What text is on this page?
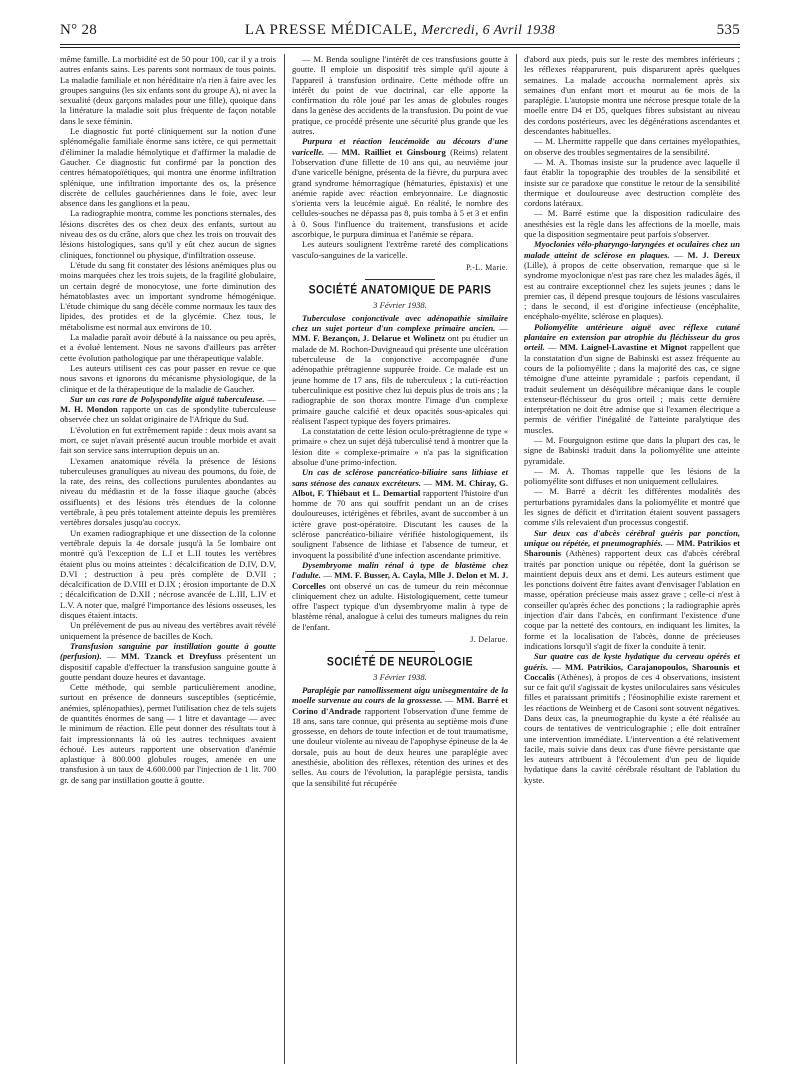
N° 28	LA PRESSE MÉDICALE, Mercredi, 6 Avril 1938	535

même famille. La morbidité est de 50 pour 100, car il y a trois autres enfants sains. Les parents sont normaux de tous points. La maladie familiale et non héréditaire n'a rien à faire avec les groupes sanguins (les six enfants sont du groupe A), ni avec la sexualité (deux garçons malades pour une fille), quoique dans la littérature la maladie soit plus fréquente de façon notable dans le sexe féminin.

Le diagnostic fut porté cliniquement sur la notion d'une splénomégalie familiale énorme sans ictère, ce qui permettait d'éliminer la maladie hémolytique et d'affirmer la maladie de Gaucher. Ce diagnostic fut confirmé par la ponction des centres hématopoïétiques, qui montra une énorme infiltration splénique, une infiltration importante des os, la présence discrète de cellules gauchériennes dans le foie, avec leur absence dans les ganglions et la peau.

La radiographie montra, comme les ponctions sternales, des lésions discrètes des os chez deux des enfants, surtout au niveau des os du crâne, alors que chez les trois on trouvait des lésions histologiques, sans qu'il y eût chez aucun de signes cliniques, fonctionnel ou physique, d'infiltration osseuse.

L'étude du sang fit constater des lésions anémiques plus ou moins marquées chez les trois sujets, de la fragilité globulaire, un certain degré de monocytose, une forte diminution des hématoblastes avec un important syndrome hémogénique. L'étude chimique du sang décèle comme normaux les taux des lipides, des protides et de la glycémie. Chez tous, le métabolisme est normal aux environs de 10.

La maladie paraît avoir débuté à la naissance ou peu après, et a évolué lentement. Nous ne savons d'ailleurs pas arrêter cette évolution pathologique par une thérapeutique valable.

Les auteurs utilisent ces cas pour passer en revue ce que nous savons et ignorons du mécanisme physiologique, de la clinique et de la thérapeutique de la maladie de Gaucher.

Sur un cas rare de Polyspondylite aiguë tuberculeuse. — M. H. Mondon rapporte un cas de spondylite tuberculeuse observée chez un soldat originaire de l'Afrique du Sud.

L'évolution en fut extrêmement rapide : deux mois avant sa mort, ce sujet n'avait présenté aucun trouble morbide et avait fait son service sans interruption depuis un an.

L'examen anatomique révéla la présence de lésions tuberculeuses granuliques au niveau des poumons, du foie, de la rate, des reins, des collections purulentes abondantes au niveau du médiastin et de la fosse iliaque gauche (abcès ossifluents) et des lésions très étendues de la colonne vertébrale, à peu près totalement atteinte depuis les premières vertèbres dorsales jusqu'au coccyx.

Un examen radiographique et une dissection de la colonne vertébrale depuis la 4e dorsale jusqu'à la 5e lombaire ont montré qu'à l'exception de L.I et L.II toutes les vertèbres étaient plus ou moins atteintes : décalcification de D.IV, D.V, D.VI ; destruction à peu près complète de D.VII ; décalcification de D.VIII et D.IX ; érosion importante de D.X ; décalcification de D.XII ; nécrose avancée de L.III, L.IV et L.V. A noter que, malgré l'importance des lésions osseuses, les disques étaient intacts.

Un prélèvement de pus au niveau des vertèbres avait révélé uniquement la présence de bacilles de Koch.

Transfusion sanguine par instillation goutte à goutte (perfusion). — MM. Tzanck et Dreyfuss présentent un dispositif capable d'effectuer la transfusion sanguine goutte à goutte pendant douze heures et davantage.

Cette méthode, qui semble particulièrement anodine, surtout en présence de donneurs susceptibles (septicémie, anémies, splénopathies), permet l'utilisation chez de tels sujets de quantités énormes de sang — 1 litre et davantage — avec le minimum de réaction. Elle peut donner des résultats tout à fait impressionnants là où les autres techniques avaient échoué. Les auteurs rapportent une observation d'anémie aplastique à 800.000 globules rouges, amenée en une transfusion à un taux de 4.600.000 par l'injection de 1 lit. 700 gr. de sang par instillation goutte à goutte.

— M. Benda souligne l'intérêt de ces transfusions goutte à goutte. Il emploie un dispositif très simple qu'il ajoute à l'appareil à transfusion ordinaire. Cette méthode offre un intérêt du point de vue doctrinal, car elle apporte la confirmation du rôle joué par les amas de globules rouges dans la genèse des accidents de la transfusion. Du point de vue pratique, ce procédé présente une sécurité plus grande que les autres.

Purpura et réaction leucémoïde au décours d'une varicelle. — MM. Railliet et Ginsbourg (Reims) relatent l'observation d'une fillette de 10 ans qui, au neuvième jour d'une varicelle bénigne, présenta de la fièvre, du purpura avec grand syndrome hémorragique (hématuries, épistaxis) et une anémie rapide avec réaction embryonnaire. Le diagnostic s'orienta vers la leucémie aiguë. En réalité, le nombre des cellules-souches ne dépassa pas 8, puis tomba à 5 et 3 et enfin à 0. Sous l'influence du traitement, transfusions et acide ascorbique, le purpura diminua et l'anémie se répara.

Les auteurs soulignent l'extrême rareté des complications vasculo-sanguines de la varicelle.

P.-L. Marie.
SOCIÉTÉ ANATOMIQUE DE PARIS
3 Février 1938.

Tuberculose conjonctivale avec adénopathie similaire chez un sujet porteur d'un complexe primaire ancien. — MM. F. Bezançon, J. Delarue et Wolinetz ont pu étudier un malade de M. Rochon-Duvigneaud qui présente une ulcération tuberculeuse de la conjonctive accompagnée d'une adénopathie prétragienne suppurée froide. Ce malade est un jeune homme de 17 ans, fils de tuberculeux ; la cuti-réaction tuberculinique est positive chez lui depuis plus de trois ans ; la radiographie de son thorax montre l'image d'un complexe primaire gauche calcifié et deux opacités sous-apicales qui réalisent l'aspect typique des foyers primaires.

La constatation de cette lésion oculo-prétragienne de type « primaire » chez un sujet déjà tuberculisé tend à montrer que la lésion dite « complexe-primaire » n'a pas la signification absolue d'une primo-infection.

Un cas de sclérose pancréatico-biliaire sans lithiase et sans sténose des canaux excréteurs. — MM. M. Chiray, G. Albot, F. Thiébaut et L. Demartial rapportent l'histoire d'un homme de 70 ans qui souffrit pendant un an de crises douloureuses, ictérigènes et fébriles, avant de succomber à un ictère grave post-opératoire. Discutant les causes de la sclérose pancréatico-biliaire vérifiée histologiquement, ils soulignent l'absence de lithiase et l'absence de tumeur, et invoquent la possibilité d'une infection ascendante primitive.

Dysembryome malin rénal à type de blastème chez l'adulte. — MM. F. Busser, A. Cayla, Mlle J. Delon et M. J. Corcelles ont observé un cas de tumeur du rein méconnue cliniquement chez un adulte. Histologiquement, cette tumeur offre l'aspect typique d'un dysembryome malin à type de blastème rénal, analogue à celui des tumeurs malignes du rein de l'enfant.

J. Delarue.
SOCIÉTÉ DE NEUROLOGIE
3 Février 1938.

Paraplégie par ramollissement aigu unisegmentaire de la moelle survenue au cours de la grossesse. — MM. Barré et Corino d'Andrade rapportent l'observation d'une femme de 18 ans, sans tare connue, qui présenta au septième mois d'une grossesse, en dehors de toute infection et de tout traumatisme, une douleur violente au niveau de l'apophyse épineuse de la 4e dorsale, puis au bout de deux heures une paraplégie avec anesthésie, abolition des réflexes, rétention des urines et des selles. Au cours de l'évolution, la paraplégie persista, tandis que la sensibilité fut récupérée

d'abord aux pieds, puis sur le reste des membres inférieurs ; les réflexes réapparurent, puis disparurent après quelques semaines. La malade accoucha normalement après six semaines d'un enfant mort et mourut au 6e mois de la paraplégie. L'autopsie montra une nécrose presque totale de la moelle entre D4 et D5, quelques fibres subsistant au niveau des cordons postérieurs, avec les dégénérations ascendantes et descendantes habituelles.

— M. Lhermitte rappelle que dans certaines myélopathies, on observe des troubles segmentaires de la sensibilité.

— M. A. Thomas insiste sur la prudence avec laquelle il faut établir la topographie des troubles de la sensibilité et insiste sur ce paradoxe que constitue le retour de la sensibilité thermique et douloureuse avec destruction complète des cordons latéraux.

— M. Barré estime que la disposition radiculaire des anesthésies est la règle dans les affections de la moelle, mais que la disposition segmentaire peut parfois s'observer.

Myoclonies vélo-pharyngo-laryngées et oculaires chez un malade atteint de sclérose en plaques. — M. J. Dereux (Lille), à propos de cette observation, remarque que si le syndrome myoclonique n'est pas rare chez les malades âgés, il est au contraire exceptionnel chez les sujets jeunes ; dans le premier cas, il dépend presque toujours de lésions vasculaires ; dans le second, il est d'origine infectieuse (encéphalite, encéphalo-myélite, sclérose en plaques).

Poliomyélite antérieure aiguë avec réflexe cutané plantaire en extension par atrophie du fléchisseur du gros orteil. — MM. Laignel-Lavastine et Mignot rappellent que la constatation d'un signe de Babinski est assez fréquente au cours de la poliomyélite ; dans la majorité des cas, ce signe témoigne d'une atteinte pyramidale ; parfois cependant, il traduit seulement un déséquilibre mécanique dans le couple extenseur-fléchisseur du gros orteil ; mais cette dernière interprétation ne doit être admise que si l'examen électrique a permis de vérifier l'inégalité de l'atteinte paralytique des muscles.

— M. Fourguignon estime que dans la plupart des cas, le signe de Babinski traduit dans la poliomyélite une atteinte pyramidale.

— M. A. Thomas rappelle que les lésions de la poliomyélite sont diffuses et non uniquement cellulaires.

— M. Barré a décrit les différentes modalités des perturbations pyramidales dans la poliomyélite et montré que les signes de déficit et d'irritation étaient souvent passagers comme s'ils relevaient d'un processus congestif.

Sur deux cas d'abcès cérébral guéris par ponction, unique ou répétée, et pneumographiés. — MM. Patrikios et Sharounis (Athènes) rapportent deux cas d'abcès cérébral traités par ponction unique ou répétée, dont la guérison se maintient depuis deux ans et demi. Les auteurs estiment que les ponctions doivent être faites avant d'envisager l'ablation en masse, opération précieuse mais assez grave ; celle-ci n'est à conseiller qu'après échec des ponctions ; la radiographie après injection d'air dans l'abcès, en confirmant l'existence d'une coque par la netteté des contours, en indiquant les limites, la forme et la localisation de l'abcès, donne de précieuses indications lorsqu'il s'agit de fixer la conduite à tenir.

Sur quatre cas de kyste hydatique du cerveau opérés et guéris. — MM. Patrikios, Carajanopoulos, Sharounis et Coccalis (Athènes), à propos de ces 4 observations, insistent sur ce fait qu'il s'agissait de kystes uniloculaires sans vésicules filles et paraissant primitifs ; l'éosinophilie existe rarement et les réactions de Weinberg et de Casoni sont souvent négatives. Dans deux cas, la pneumographie du kyste a été réalisée au cours de tentatives de ventriculographie ; elle doit entraîner une intervention immédiate. L'intervention a été relativement facile, mais suivie dans deux cas d'une fièvre persistante que les auteurs attribuent à l'écoulement d'un peu de liquide hydatique dans la cavité cérébrale résultant de l'ablation du kyste.
